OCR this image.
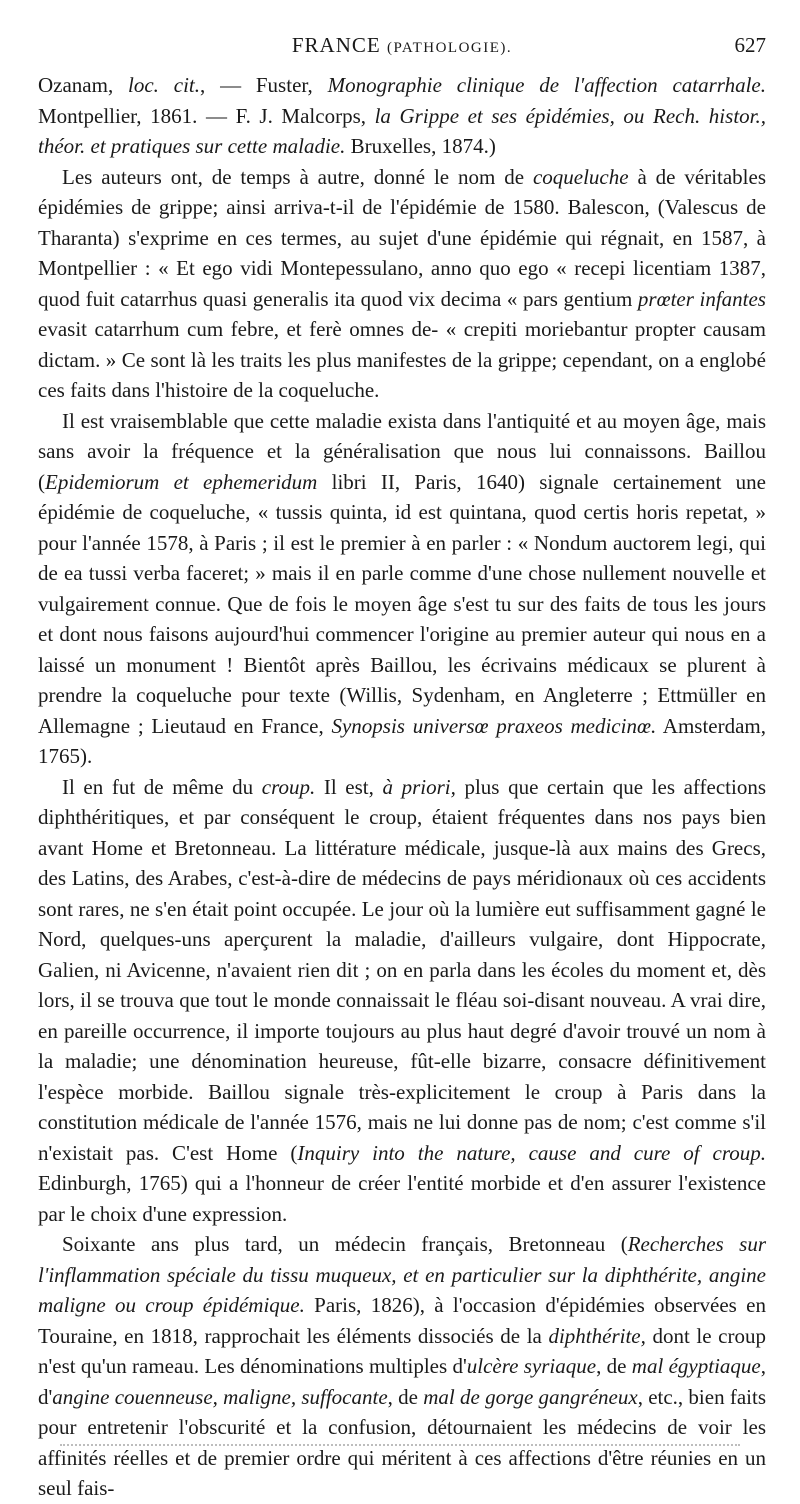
FRANCE (PATHOLOGIE).	627

Ozanam, loc. cit., — Fuster, Monographie clinique de l'affection catarrhale. Montpellier, 1861. — F. J. Malcorps, la Grippe et ses épidémies, ou Rech. histor., théor. et pratiques sur cette maladie. Bruxelles, 1874.)

Les auteurs ont, de temps à autre, donné le nom de coqueluche à de véritables épidémies de grippe; ainsi arriva-t-il de l'épidémie de 1580. Balescon, (Valescus de Tharanta) s'exprime en ces termes, au sujet d'une épidémie qui régnait, en 1587, à Montpellier : « Et ego vidi Montepessulano, anno quo ego « recepi licentiam 1387, quod fuit catarrhus quasi generalis ita quod vix decima « pars gentium prœter infantes evasit catarrhum cum febre, et ferè omnes de- « crepiti moriebantur propter causam dictam. » Ce sont là les traits les plus manifestes de la grippe; cependant, on a englobé ces faits dans l'histoire de la coqueluche.

Il est vraisemblable que cette maladie exista dans l'antiquité et au moyen âge, mais sans avoir la fréquence et la généralisation que nous lui connaissons. Baillou (Epidemiorum et ephemeridum libri II, Paris, 1640) signale certainement une épidémie de coqueluche, « tussis quinta, id est quintana, quod certis horis repetat, » pour l'année 1578, à Paris ; il est le premier à en parler : « Nondum auctorem legi, qui de ea tussi verba faceret; » mais il en parle comme d'une chose nullement nouvelle et vulgairement connue. Que de fois le moyen âge s'est tu sur des faits de tous les jours et dont nous faisons aujourd'hui commencer l'origine au premier auteur qui nous en a laissé un monument ! Bientôt après Baillou, les écrivains médicaux se plurent à prendre la coqueluche pour texte (Willis, Sydenham, en Angleterre ; Ettmüller en Allemagne ; Lieutaud en France, Synopsis universœ praxeos medicinœ. Amsterdam, 1765).

Il en fut de même du croup. Il est, à priori, plus que certain que les affections diphthéritiques, et par conséquent le croup, étaient fréquentes dans nos pays bien avant Home et Bretonneau. La littérature médicale, jusque-là aux mains des Grecs, des Latins, des Arabes, c'est-à-dire de médecins de pays méridionaux où ces accidents sont rares, ne s'en était point occupée. Le jour où la lumière eut suffisamment gagné le Nord, quelques-uns aperçurent la maladie, d'ailleurs vulgaire, dont Hippocrate, Galien, ni Avicenne, n'avaient rien dit ; on en parla dans les écoles du moment et, dès lors, il se trouva que tout le monde connaissait le fléau soi-disant nouveau. A vrai dire, en pareille occurrence, il importe toujours au plus haut degré d'avoir trouvé un nom à la maladie; une dénomination heureuse, fût-elle bizarre, consacre définitivement l'espèce morbide. Baillou signale très-explicitement le croup à Paris dans la constitution médicale de l'année 1576, mais ne lui donne pas de nom; c'est comme s'il n'existait pas. C'est Home (Inquiry into the nature, cause and cure of croup. Edinburgh, 1765) qui a l'honneur de créer l'entité morbide et d'en assurer l'existence par le choix d'une expression.

Soixante ans plus tard, un médecin français, Bretonneau (Recherches sur l'inflammation spéciale du tissu muqueux, et en particulier sur la diphthérite, angine maligne ou croup épidémique. Paris, 1826), à l'occasion d'épidémies observées en Touraine, en 1818, rapprochait les éléments dissociés de la diphthérite, dont le croup n'est qu'un rameau. Les dénominations multiples d'ulcère syriaque, de mal égyptiaque, d'angine couenneuse, maligne, suffocante, de mal de gorge gangréneux, etc., bien faits pour entretenir l'obscurité et la confusion, détournaient les médecins de voir les affinités réelles et de premier ordre qui méritent à ces affections d'être réunies en un seul fais-
